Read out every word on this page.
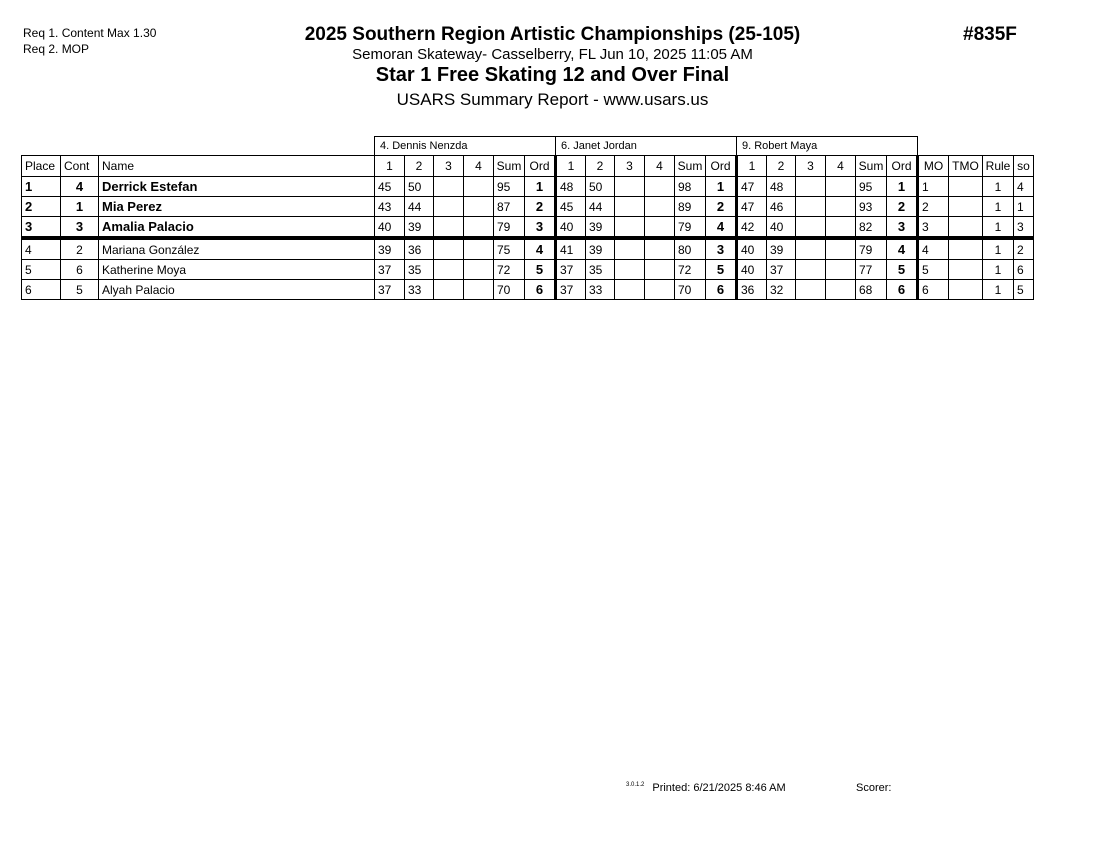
Req 1. Content Max 1.30
Req 2. MOP
2025 Southern Region Artistic Championships (25-105)
Semoran Skateway- Casselberry, FL Jun 10, 2025 11:05 AM
Star 1 Free Skating 12 and Over Final
USARS Summary Report - www.usars.us
#835F
			4. Dennis Nenzda						6. Janet Jordan						9. Robert Maya									
Place	Cont	Name	1	2	3	4	Sum	Ord	1	2	3	4	Sum	Ord	1	2	3	4	Sum	Ord	MO	TMO	Rule	so
1	4	Derrick Estefan	45	50			95	1	48	50			98	1	47	48			95	1	1		1	4
2	1	Mia Perez	43	44			87	2	45	44			89	2	47	46			93	2	2		1	1
3	3	Amalia Palacio	40	39			79	3	40	39			79	4	42	40			82	3	3		1	3
4	2	Mariana González	39	36			75	4	41	39			80	3	40	39			79	4	4		1	2
5	6	Katherine Moya	37	35			72	5	37	35			72	5	40	37			77	5	5		1	6
6	5	Alyah Palacio	37	33			70	6	37	33			70	6	36	32			68	6	6		1	5
$^{3.0.1.2}$ Printed: 6/21/2025 8:46 AM	Scorer:
